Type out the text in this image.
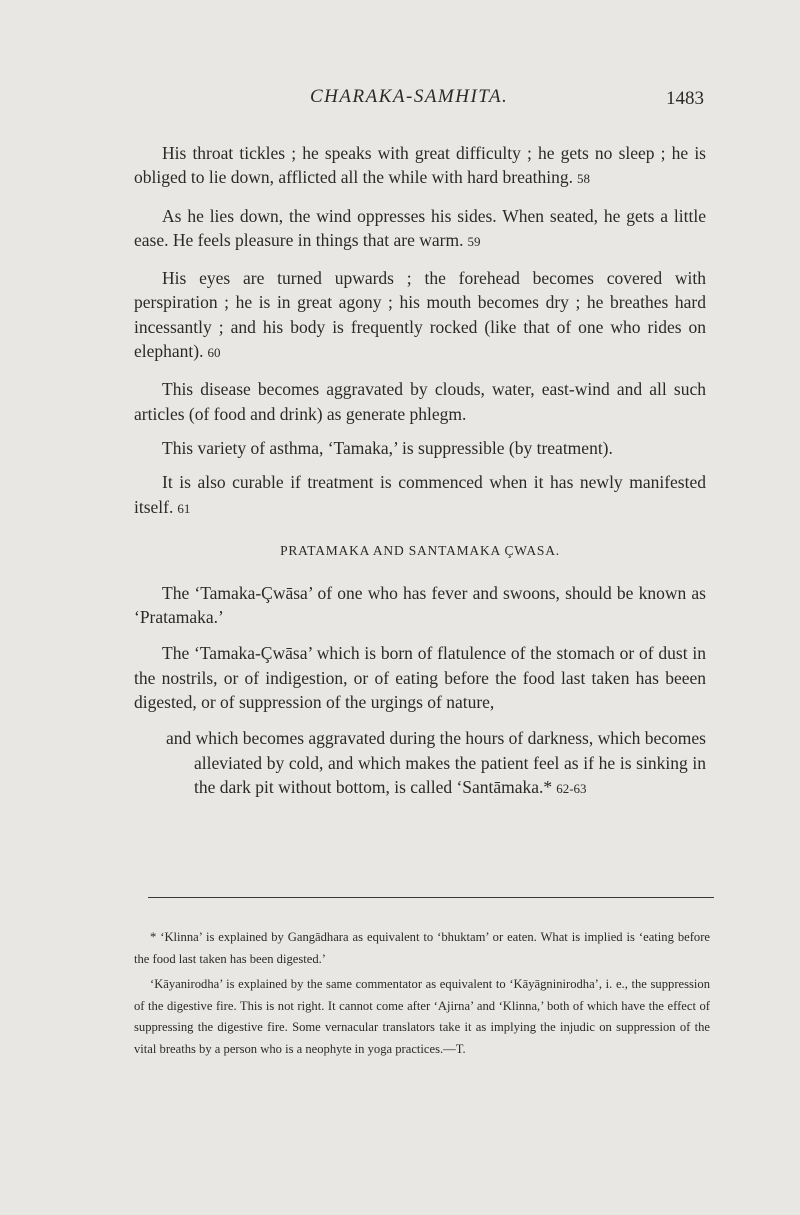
CHARAKA-SAMHITA.	1483

His throat tickles ; he speaks with great difficulty ; he gets no sleep ; he is obliged to lie down, afflicted all the while with hard breathing. 58

As he lies down, the wind oppresses his sides. When seated, he gets a little ease. He feels pleasure in things that are warm. 59

His eyes are turned upwards ; the forehead becomes covered with perspiration ; he is in great agony ; his mouth becomes dry ; he breathes hard incessantly ; and his body is frequently rocked (like that of one who rides on elephant). 60

This disease becomes aggravated by clouds, water, east-wind and all such articles (of food and drink) as generate phlegm.

This variety of asthma, ‘Tamaka,’ is suppressible (by treatment).

It is also curable if treatment is commenced when it has newly manifested itself. 61

PRATAMAKA AND SANTAMAKA ÇWASA.

The ‘Tamaka-Çwāsa’ of one who has fever and swoons, should be known as ‘Pratamaka.’

The ‘Tamaka-Çwāsa’ which is born of flatulence of the stomach or of dust in the nostrils, or of indigestion, or of eating before the food last taken has beeen digested, or of suppression of the urgings of nature,

and which becomes aggravated during the hours of darkness, which becomes alleviated by cold, and which makes the patient feel as if he is sinking in the dark pit without bottom, is called ‘Santāmaka.* 62-63

* ‘Klinna’ is explained by Gangādhara as equivalent to ‘bhuktam’ or eaten. What is implied is ‘eating before the food last taken has been digested.’

‘Kāyanirodha’ is explained by the same commentator as equivalent to ‘Kāyāgninirodha’, i. e., the suppression of the digestive fire. This is not right. It cannot come after ‘Ajirna’ and ‘Klinna,’ both of which have the effect of suppressing the digestive fire. Some vernacular translators take it as implying the injudic on suppression of the vital breaths by a person who is a neophyte in yoga practices.—T.
